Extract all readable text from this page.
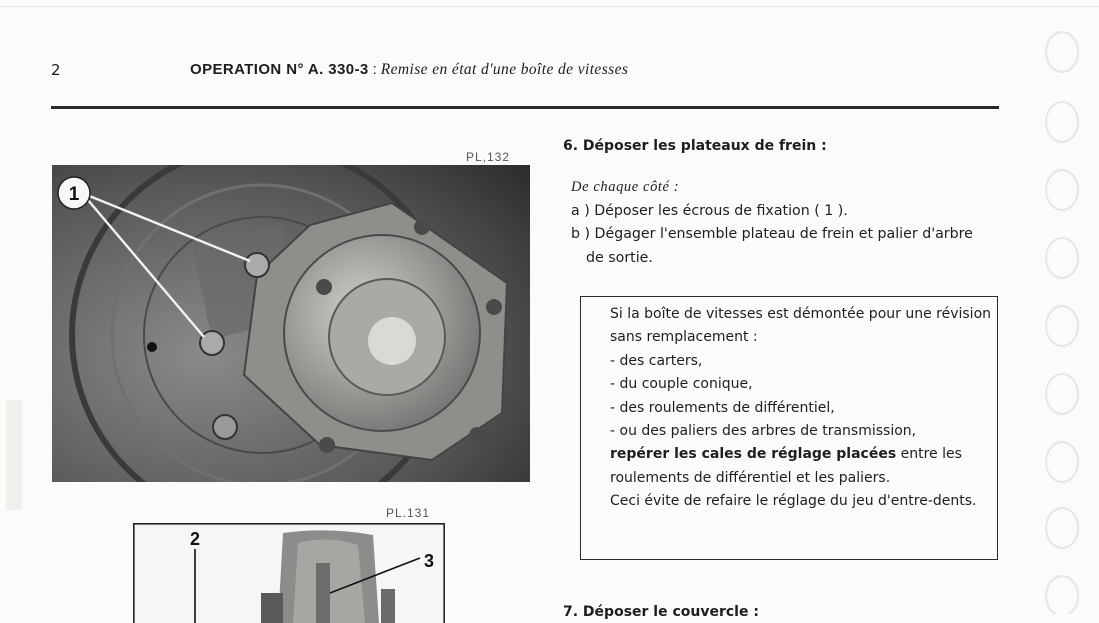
2	OPERATION N° A. 330-3 : Remise en état d'une boîte de vitesses
PL,132
1
PL.131
2
3
6. Déposer les plateaux de frein :
De chaque côté :
a ) Déposer les écrous de fixation ( 1 ).
b ) Dégager l'ensemble plateau de frein et palier d'arbre de sortie.
Si la boîte de vitesses est démontée pour une révision sans remplacement :
- des carters,
- du couple conique,
- des roulements de différentiel,
- ou des paliers des arbres de transmission,
repérer les cales de réglage placées entre les roulements de différentiel et les paliers.
Ceci évite de refaire le réglage du jeu d'entre-dents.
7. Déposer le couvercle :
